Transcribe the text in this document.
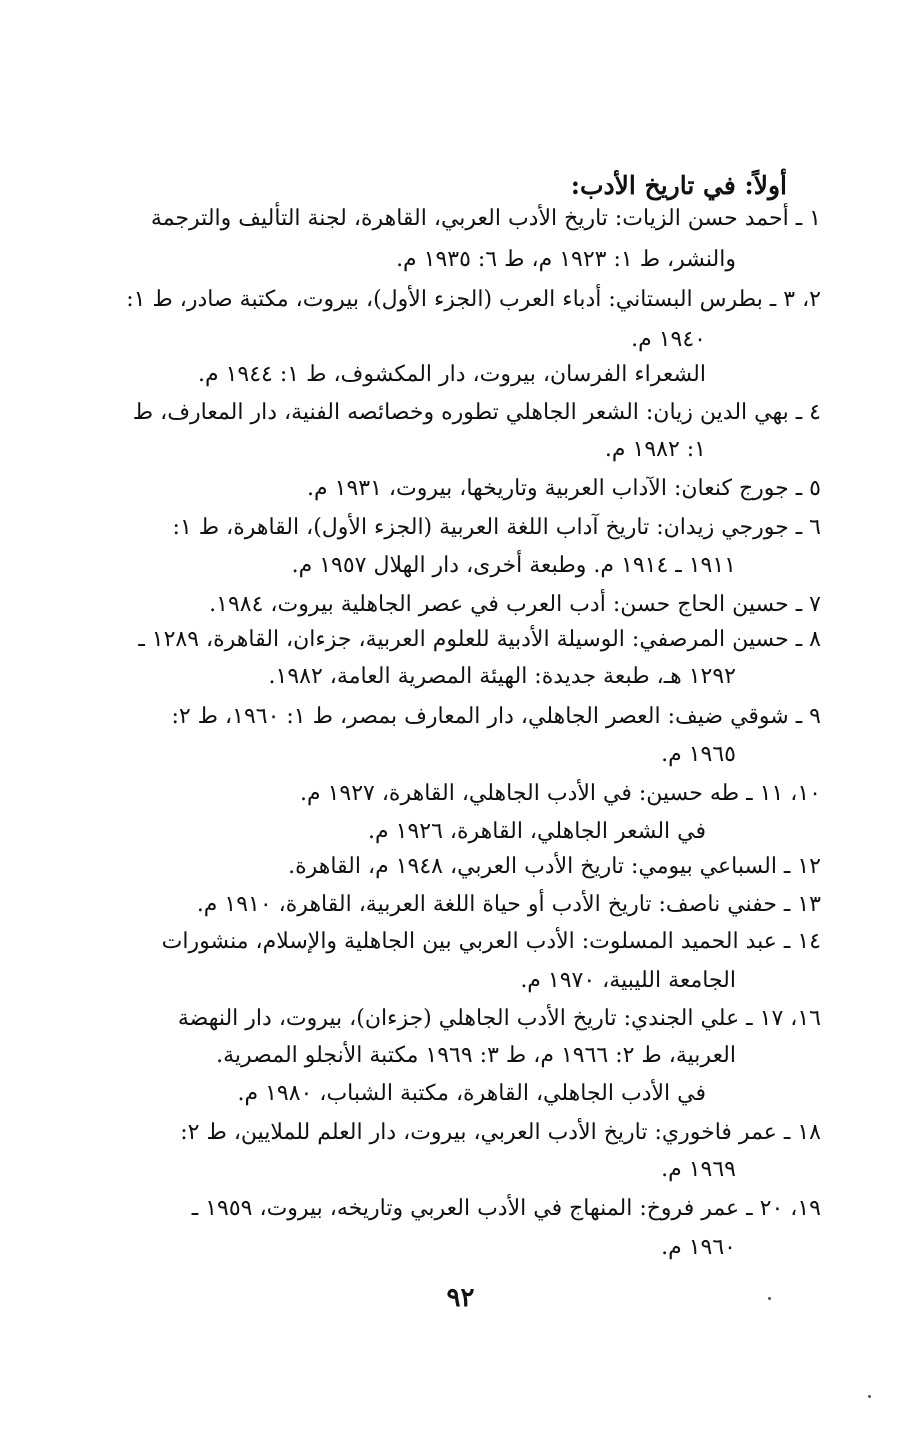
أولاً: في تاريخ الأدب:
١ ـ أحمد حسن الزيات: تاريخ الأدب العربي، القاهرة، لجنة التأليف والترجمة
والنشر، ط ١: ١٩٢٣ م، ط ٦: ١٩٣٥ م.
٢، ٣ ـ بطرس البستاني: أدباء العرب (الجزء الأول)، بيروت، مكتبة صادر، ط ١:
١٩٤٠ م.
الشعراء الفرسان، بيروت، دار المكشوف، ط ١: ١٩٤٤ م.
٤ ـ بهي الدين زيان: الشعر الجاهلي تطوره وخصائصه الفنية، دار المعارف، ط
١: ١٩٨٢ م.
٥ ـ جورج كنعان: الآداب العربية وتاريخها، بيروت، ١٩٣١ م.
٦ ـ جورجي زيدان: تاريخ آداب اللغة العربية (الجزء الأول)، القاهرة، ط ١:
١٩١١ ـ ١٩١٤ م. وطبعة أخرى، دار الهلال ١٩٥٧ م.
٧ ـ حسين الحاج حسن: أدب العرب في عصر الجاهلية بيروت، ١٩٨٤.
٨ ـ حسين المرصفي: الوسيلة الأدبية للعلوم العربية، جزءان، القاهرة، ١٢٨٩ ـ
١٢٩٢ هـ، طبعة جديدة: الهيئة المصرية العامة، ١٩٨٢.
٩ ـ شوقي ضيف: العصر الجاهلي، دار المعارف بمصر، ط ١: ١٩٦٠، ط ٢:
١٩٦٥ م.
١٠، ١١ ـ طه حسين: في الأدب الجاهلي، القاهرة، ١٩٢٧ م.
في الشعر الجاهلي، القاهرة، ١٩٢٦ م.
١٢ ـ السباعي بيومي: تاريخ الأدب العربي، ١٩٤٨ م، القاهرة.
١٣ ـ حفني ناصف: تاريخ الأدب أو حياة اللغة العربية، القاهرة، ١٩١٠ م.
١٤ ـ عبد الحميد المسلوت: الأدب العربي بين الجاهلية والإسلام، منشورات
الجامعة الليبية، ١٩٧٠ م.
١٦، ١٧ ـ علي الجندي: تاريخ الأدب الجاهلي (جزءان)، بيروت، دار النهضة
العربية، ط ٢: ١٩٦٦ م، ط ٣: ١٩٦٩ مكتبة الأنجلو المصرية.
في الأدب الجاهلي، القاهرة، مكتبة الشباب، ١٩٨٠ م.
١٨ ـ عمر فاخوري: تاريخ الأدب العربي، بيروت، دار العلم للملايين، ط ٢:
١٩٦٩ م.
١٩، ٢٠ ـ عمر فروخ: المنهاج في الأدب العربي وتاريخه، بيروت، ١٩٥٩ ـ
١٩٦٠ م.
٩٢
